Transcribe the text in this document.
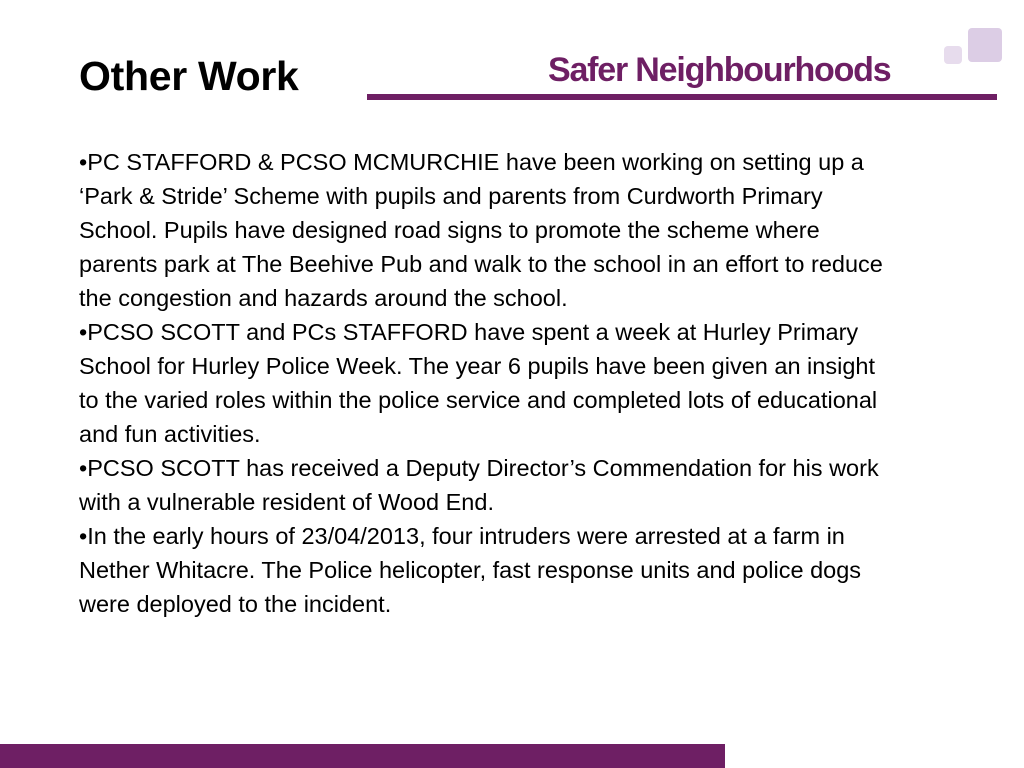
Other Work	Safer Neighbourhoods

•PC STAFFORD & PCSO MCMURCHIE have been working on setting up a ‘Park & Stride’ Scheme with pupils and parents from Curdworth Primary School. Pupils have designed road signs to promote the scheme where parents park at The Beehive Pub and walk to the school in an effort to reduce the congestion and hazards around the school.

•PCSO SCOTT and PCs STAFFORD have spent a week at Hurley Primary School for Hurley Police Week. The year 6 pupils have been given an insight to the varied roles within the police service and completed lots of educational and fun activities.

•PCSO SCOTT has received a Deputy Director’s Commendation for his work with a vulnerable resident of Wood End.

•In the early hours of 23/04/2013, four intruders were arrested at a farm in Nether Whitacre. The Police helicopter, fast response units and police dogs were deployed to the incident.
